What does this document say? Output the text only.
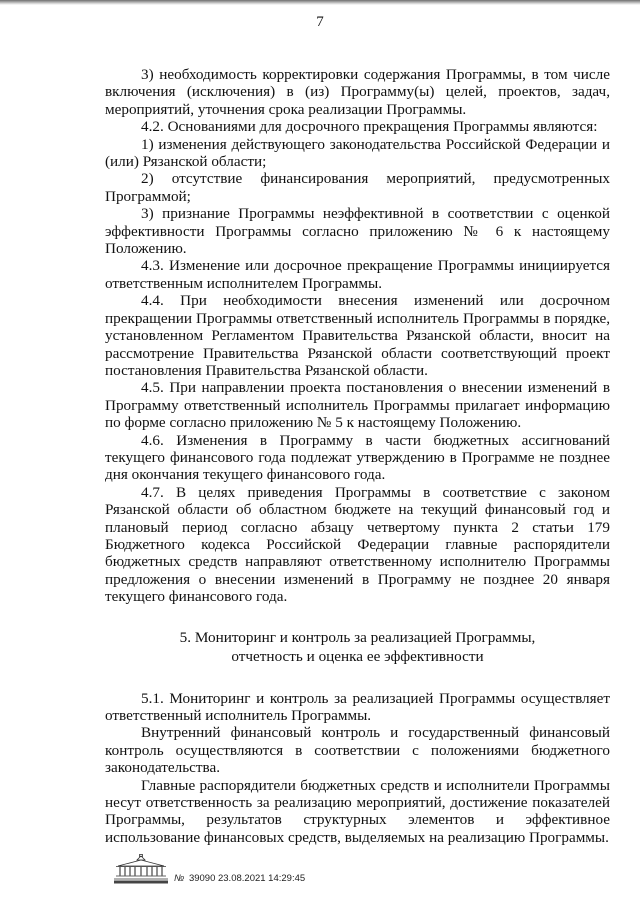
7

3) необходимость корректировки содержания Программы, в том числе включения (исключения) в (из) Программу(ы) целей, проектов, задач, мероприятий, уточнения срока реализации Программы.

4.2. Основаниями для досрочного прекращения Программы являются:

1) изменения действующего законодательства Российской Федерации и (или) Рязанской области;

2) отсутствие финансирования мероприятий, предусмотренных Программой;

3) признание Программы неэффективной в соответствии с оценкой эффективности Программы согласно приложению № 6 к настоящему Положению.

4.3. Изменение или досрочное прекращение Программы инициируется ответственным исполнителем Программы.

4.4. При необходимости внесения изменений или досрочном прекращении Программы ответственный исполнитель Программы в порядке, установленном Регламентом Правительства Рязанской области, вносит на рассмотрение Правительства Рязанской области соответствующий проект постановления Правительства Рязанской области.

4.5. При направлении проекта постановления о внесении изменений в Программу ответственный исполнитель Программы прилагает информацию по форме согласно приложению № 5 к настоящему Положению.

4.6. Изменения в Программу в части бюджетных ассигнований текущего финансового года подлежат утверждению в Программе не позднее дня окончания текущего финансового года.

4.7. В целях приведения Программы в соответствие с законом Рязанской области об областном бюджете на текущий финансовый год и плановый период согласно абзацу четвертому пункта 2 статьи 179 Бюджетного кодекса Российской Федерации главные распорядители бюджетных средств направляют ответственному исполнителю Программы предложения о внесении изменений в Программу не позднее 20 января текущего финансового года.

5. Мониторинг и контроль за реализацией Программы,
отчетность и оценка ее эффективности

5.1. Мониторинг и контроль за реализацией Программы осуществляет ответственный исполнитель Программы.

Внутренний финансовый контроль и государственный финансовый контроль осуществляются в соответствии с положениями бюджетного законодательства.

Главные распорядители бюджетных средств и исполнители Программы несут ответственность за реализацию мероприятий, достижение показателей Программы, результатов структурных элементов и эффективное использование финансовых средств, выделяемых на реализацию Программы.

№ 39090 23.08.2021 14:29:45
